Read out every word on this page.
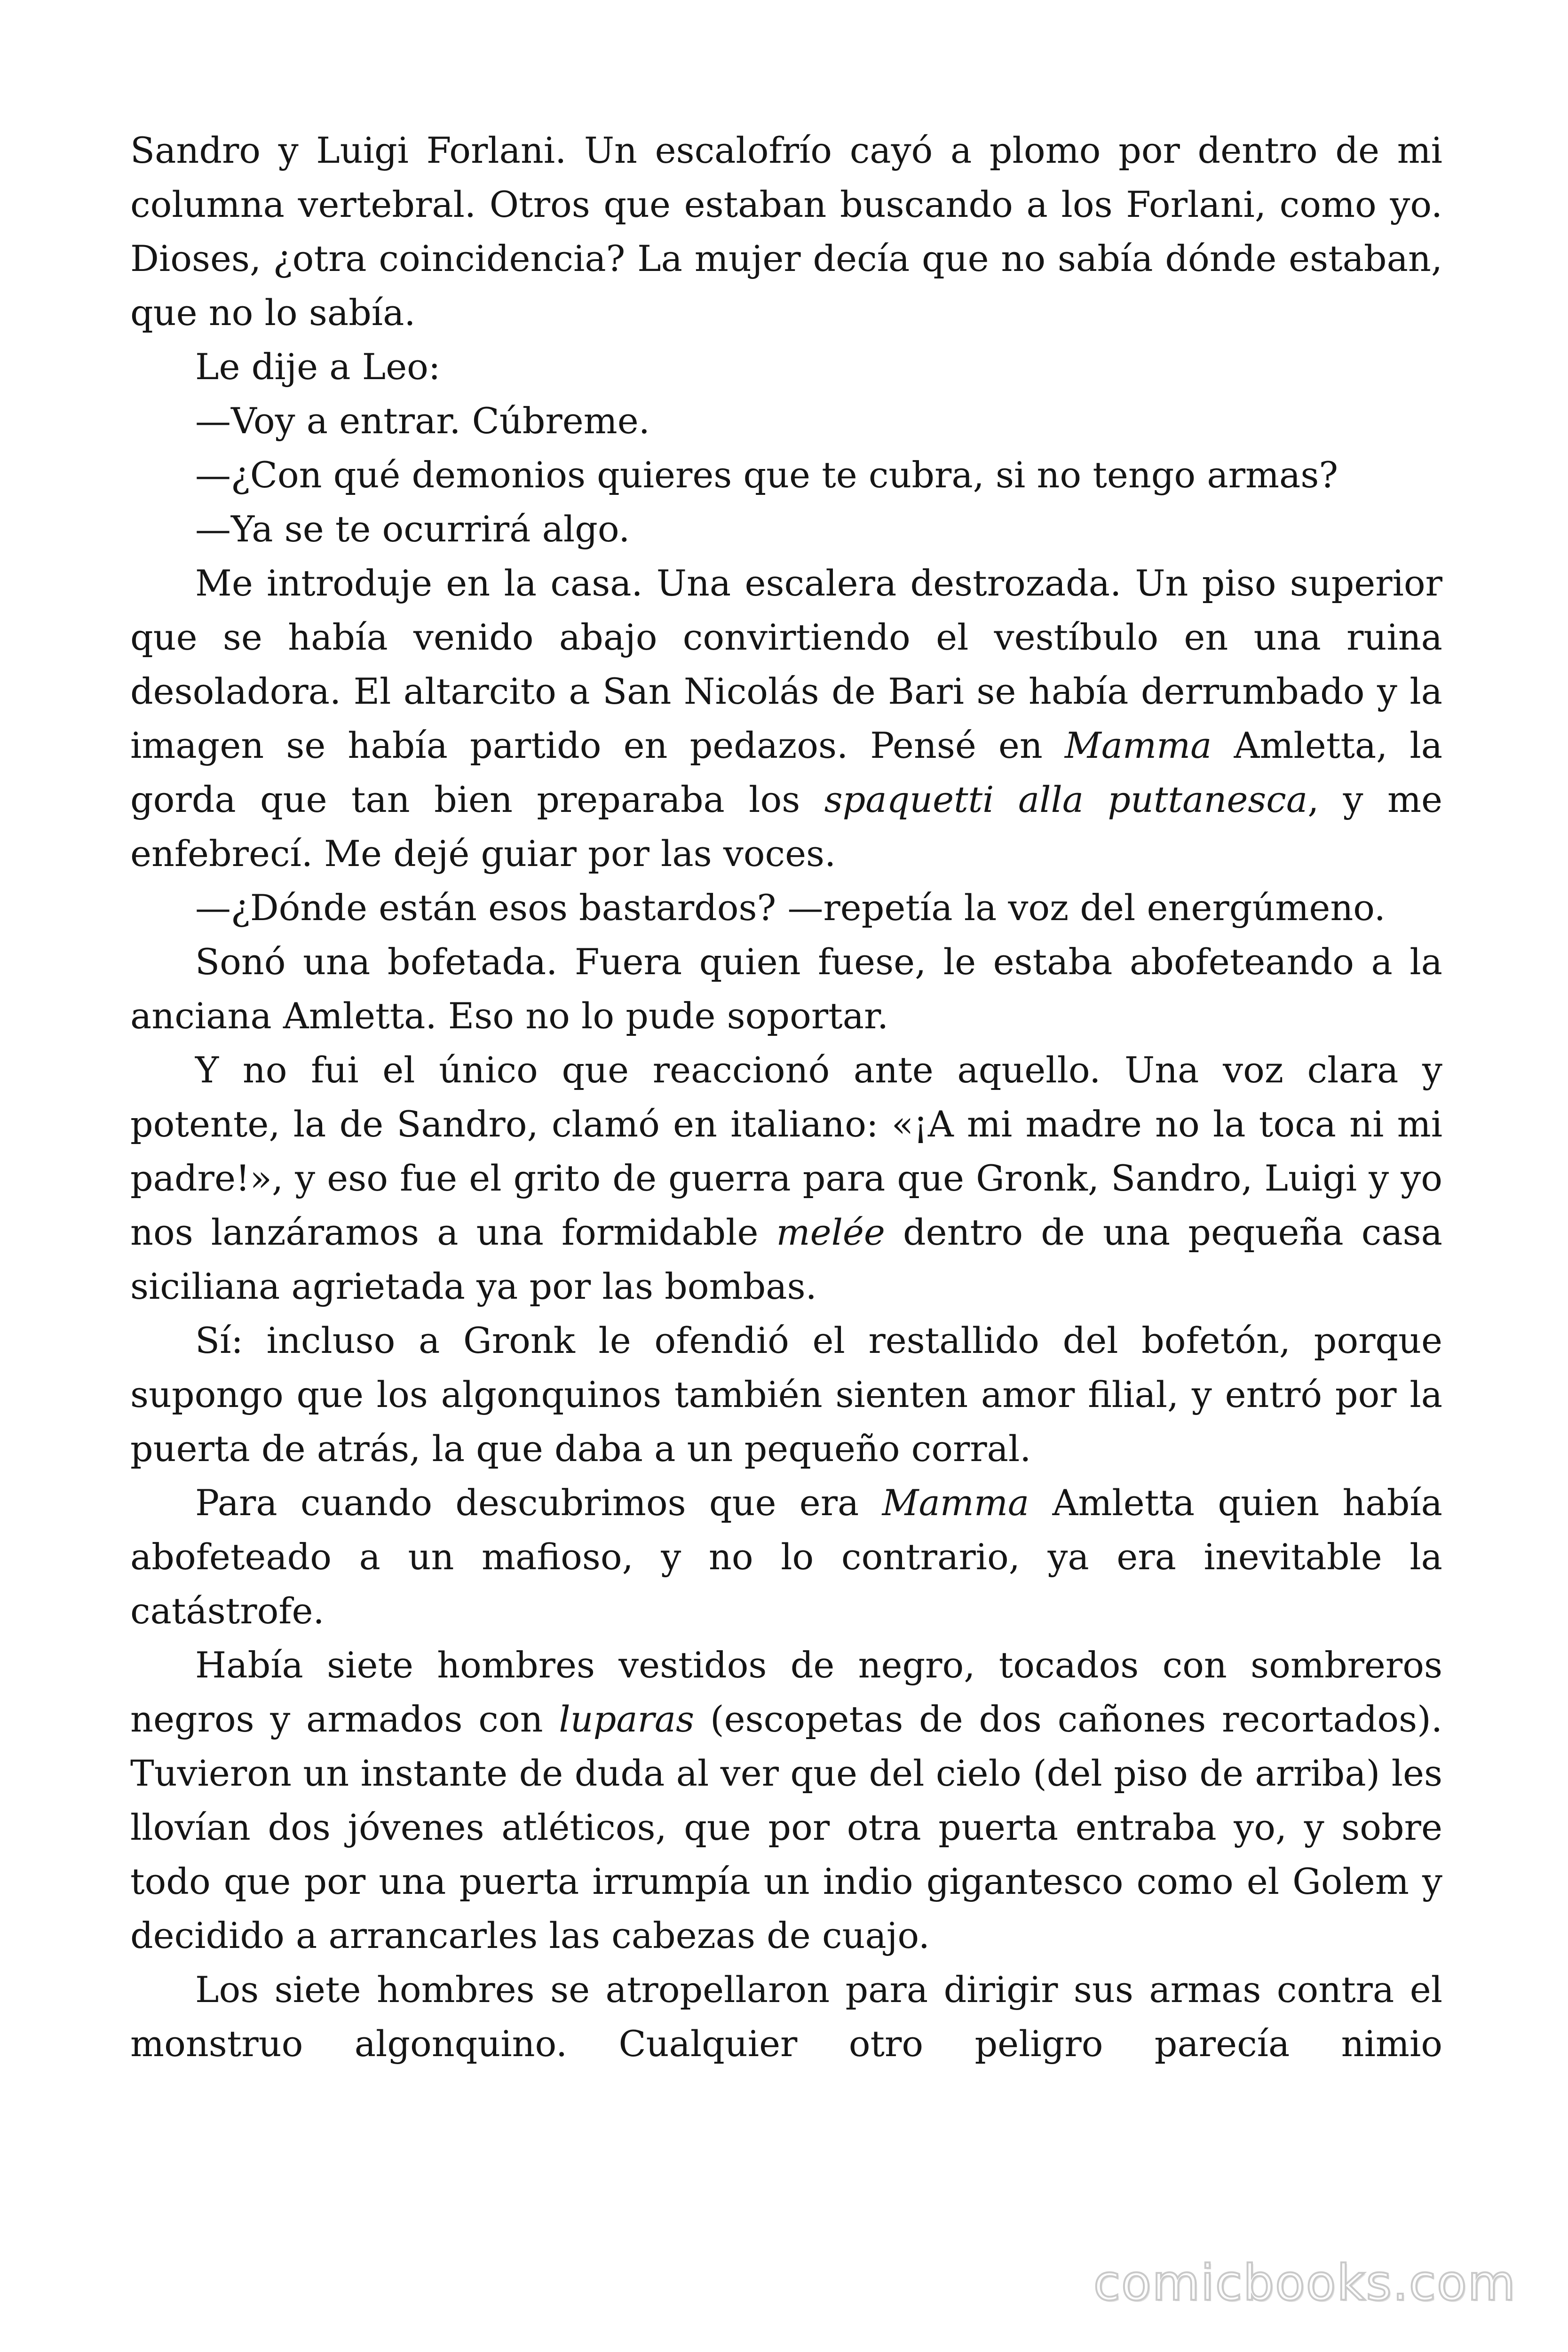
Sandro y Luigi Forlani. Un escalofrío cayó a plomo por dentro de mi columna vertebral. Otros que estaban buscando a los Forlani, como yo. Dioses, ¿otra coincidencia? La mujer decía que no sabía dónde estaban, que no lo sabía.

Le dije a Leo:

—Voy a entrar. Cúbreme.

—¿Con qué demonios quieres que te cubra, si no tengo armas?

—Ya se te ocurrirá algo.

Me introduje en la casa. Una escalera destrozada. Un piso superior que se había venido abajo convirtiendo el vestíbulo en una ruina desoladora. El altarcito a San Nicolás de Bari se había derrumbado y la imagen se había partido en pedazos. Pensé en Mamma Amletta, la gorda que tan bien preparaba los spaquetti alla puttanesca, y me enfebrecí. Me dejé guiar por las voces.

—¿Dónde están esos bastardos? —repetía la voz del energúmeno.

Sonó una bofetada. Fuera quien fuese, le estaba abofeteando a la anciana Amletta. Eso no lo pude soportar.

Y no fui el único que reaccionó ante aquello. Una voz clara y potente, la de Sandro, clamó en italiano: «¡A mi madre no la toca ni mi padre!», y eso fue el grito de guerra para que Gronk, Sandro, Luigi y yo nos lanzáramos a una formidable melée dentro de una pequeña casa siciliana agrietada ya por las bombas.

Sí: incluso a Gronk le ofendió el restallido del bofetón, porque supongo que los algonquinos también sienten amor filial, y entró por la puerta de atrás, la que daba a un pequeño corral.

Para cuando descubrimos que era Mamma Amletta quien había abofeteado a un mafioso, y no lo contrario, ya era inevitable la catástrofe.

Había siete hombres vestidos de negro, tocados con sombreros negros y armados con luparas (escopetas de dos cañones recortados). Tuvieron un instante de duda al ver que del cielo (del piso de arriba) les llovían dos jóvenes atléticos, que por otra puerta entraba yo, y sobre todo que por una puerta irrumpía un indio gigantesco como el Golem y decidido a arrancarles las cabezas de cuajo.

Los siete hombres se atropellaron para dirigir sus armas contra el monstruo algonquino. Cualquier otro peligro parecía nimio

comicbooks.com
